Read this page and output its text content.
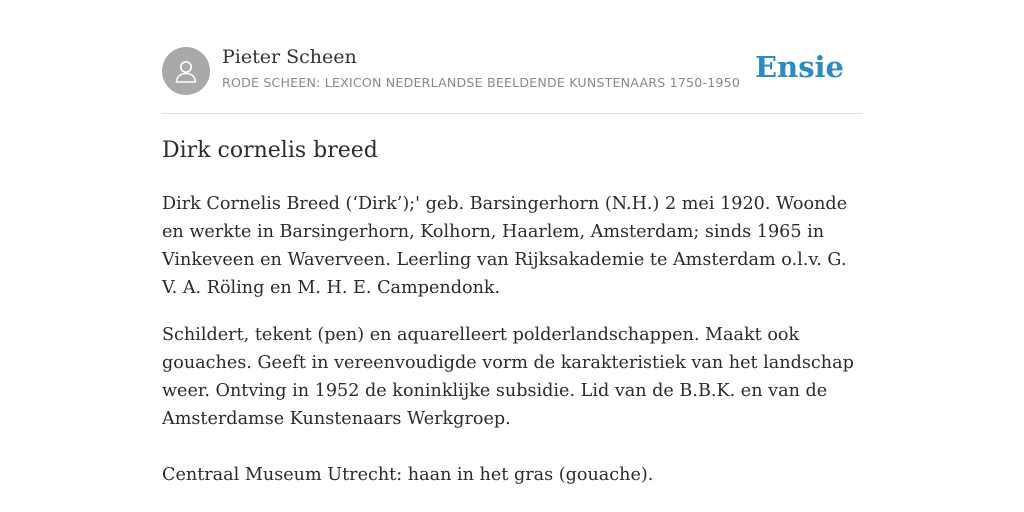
Pieter Scheen
RODE SCHEEN: LEXICON NEDERLANDSE BEELDENDE KUNSTENAARS 1750-1950 Ensie
Dirk cornelis breed

Dirk Cornelis Breed (‘Dirk’);' geb. Barsingerhorn (N.H.) 2 mei 1920. Woonde en werkte in Barsingerhorn, Kolhorn, Haarlem, Amsterdam; sinds 1965 in Vinkeveen en Waverveen. Leerling van Rijksakademie te Amsterdam o.l.v. G. V. A. Röling en M. H. E. Campendonk.

Schildert, tekent (pen) en aquarelleert polderlandschappen. Maakt ook gouaches. Geeft in vereenvoudigde vorm de karakteristiek van het landschap weer. Ontving in 1952 de koninklijke subsidie. Lid van de B.B.K. en van de Amsterdamse Kunstenaars Werkgroep.

Centraal Museum Utrecht: haan in het gras (gouache).
